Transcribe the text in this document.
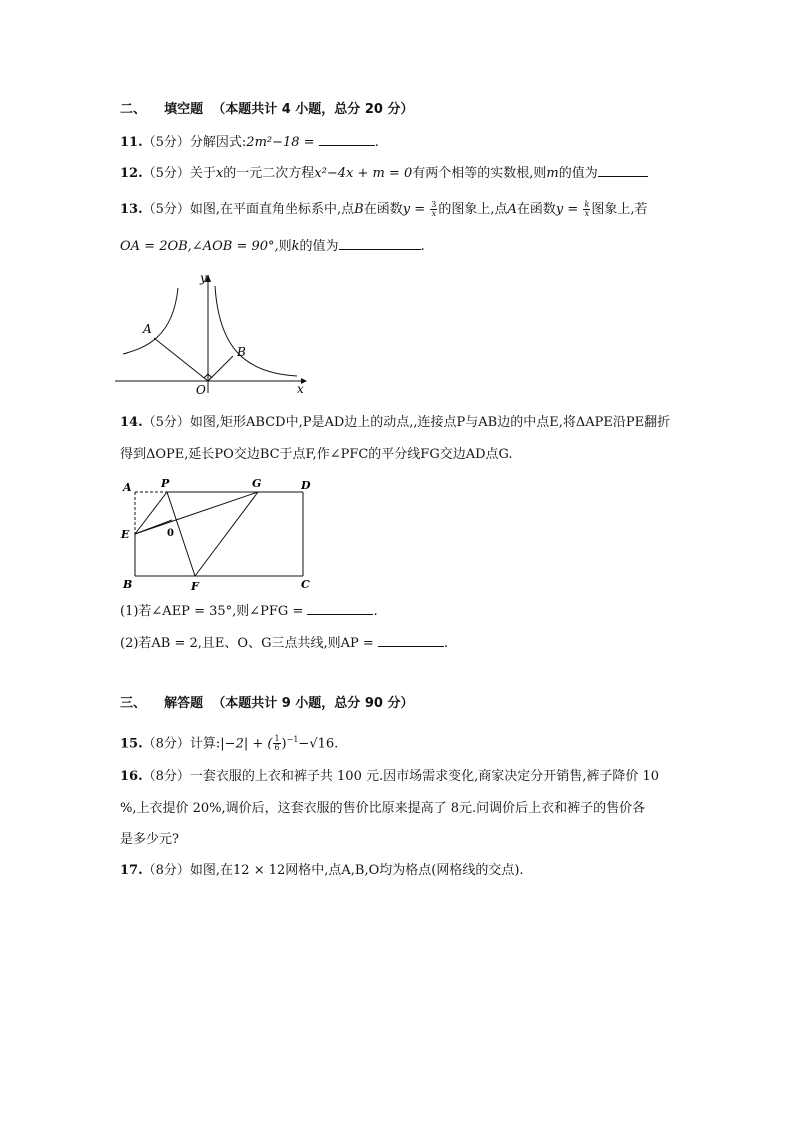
二、 填空题 （本题共计 4 小题，总分 20 分）
11.（5分）分解因式:2m²−18 =	.
12.（5分）关于x的一元二次方程x²−4x + m = 0有两个相等的实数根,则m的值为
13.（5分）如图,在平面直角坐标系中,点B在函数$y = \frac{3}{x}$ 的图象上,点A在函数$y = \frac{k}{x}$ 图象上,若
OA = 2OB,∠AOB = 90°,则k的值为	.
A
B
O	x
y
14.（5分）如图,矩形ABCD中,P是AD边上的动点,,连接点P与AB边的中点E,将ΔAPE沿PE翻折
得到ΔOPE,延长PO交边BC于点F,作∠PFC的平分线FG交边AD点G.
A	P	G	D
E	0
B	F	C
(1)若∠AEP = 35°,则∠PFG =	.
(2)若AB = 2,且E、O、G三点共线,则AP =	.
三、 解答题 （本题共计 9 小题，总分 90 分）
15.（8分）计算:|−2| + ( $\frac{1}{6} )^{-1}-√16$.
16.（8分）一套衣服的上衣和裤子共 100 元.因市场需求变化,商家决定分开销售,裤子降价 10
%,上衣提价 20%,调价后，这套衣服的售价比原来提高了 8元.问调价后上衣和裤子的售价各
是多少元?
17.（8分）如图,在12 × 12网格中,点A,B,O均为格点(网格线的交点).
